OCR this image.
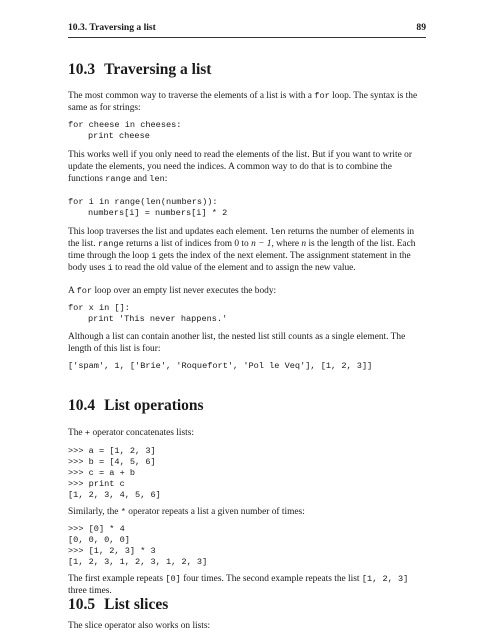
10.3. Traversing a list	89
10.3 Traversing a list

The most common way to traverse the elements of a list is with a for loop. The syntax is the same as for strings:

for cheese in cheeses:
print cheese

This works well if you only need to read the elements of the list. But if you want to write or update the elements, you need the indices. A common way to do that is to combine the functions range and len:

for i in range(len(numbers)):
numbers[i] = numbers[i] * 2

This loop traverses the list and updates each element. len returns the number of elements in the list. range returns a list of indices from 0 to n − 1, where n is the length of the list. Each time through the loop i gets the index of the next element. The assignment statement in the body uses i to read the old value of the element and to assign the new value.

A for loop over an empty list never executes the body:

for x in []:
print 'This never happens.'

Although a list can contain another list, the nested list still counts as a single element. The length of this list is four:

['spam', 1, ['Brie', 'Roquefort', 'Pol le Veq'], [1, 2, 3]]
10.4 List operations

The + operator concatenates lists:

>>> a = [1, 2, 3]
>>> b = [4, 5, 6]
>>> c = a + b
>>> print c
[1, 2, 3, 4, 5, 6]

Similarly, the * operator repeats a list a given number of times:

>>> [0] * 4
[0, 0, 0, 0]
>>> [1, 2, 3] * 3
[1, 2, 3, 1, 2, 3, 1, 2, 3]

The first example repeats [0] four times. The second example repeats the list [1, 2, 3] three times.

10.5 List slices

The slice operator also works on lists:
